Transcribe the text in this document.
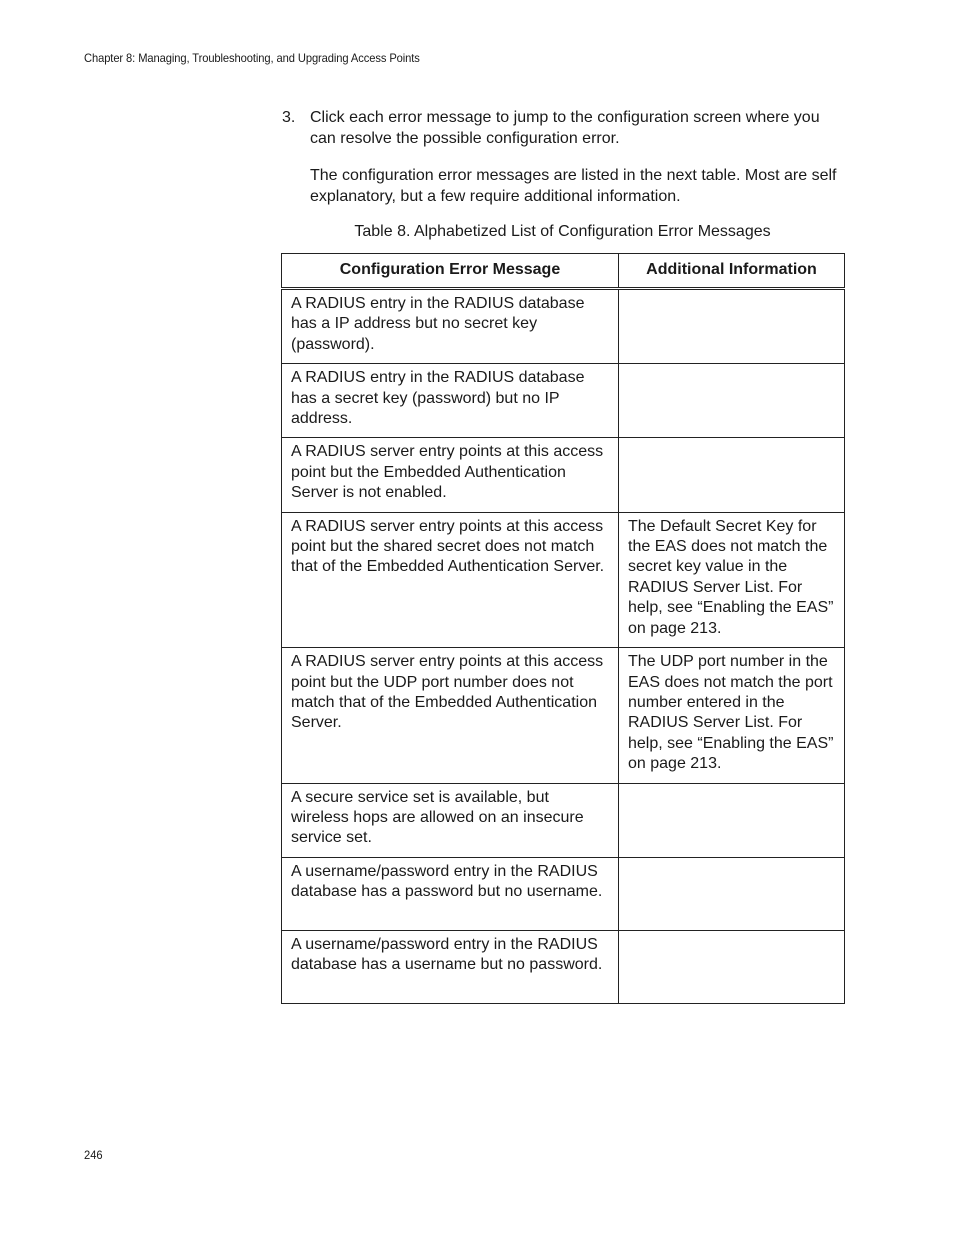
Chapter 8: Managing, Troubleshooting, and Upgrading Access Points
3. Click each error message to jump to the configuration screen where you can resolve the possible configuration error.
The configuration error messages are listed in the next table. Most are self explanatory, but a few require additional information.
Table 8. Alphabetized List of Configuration Error Messages
Configuration Error Message	Additional Information
A RADIUS entry in the RADIUS database has a IP address but no secret key (password).	
A RADIUS entry in the RADIUS database has a secret key (password) but no IP address.	
A RADIUS server entry points at this access point but the Embedded Authentication Server is not enabled.	
A RADIUS server entry points at this access point but the shared secret does not match that of the Embedded Authentication Server.	The Default Secret Key for the EAS does not match the secret key value in the RADIUS Server List. For help, see “Enabling the EAS” on page 213.
A RADIUS server entry points at this access point but the UDP port number does not match that of the Embedded Authentication Server.	The UDP port number in the EAS does not match the port number entered in the RADIUS Server List. For help, see “Enabling the EAS” on page 213.
A secure service set is available, but wireless hops are allowed on an insecure service set.	
A username/password entry in the RADIUS database has a password but no username.	
A username/password entry in the RADIUS database has a username but no password.	
246
